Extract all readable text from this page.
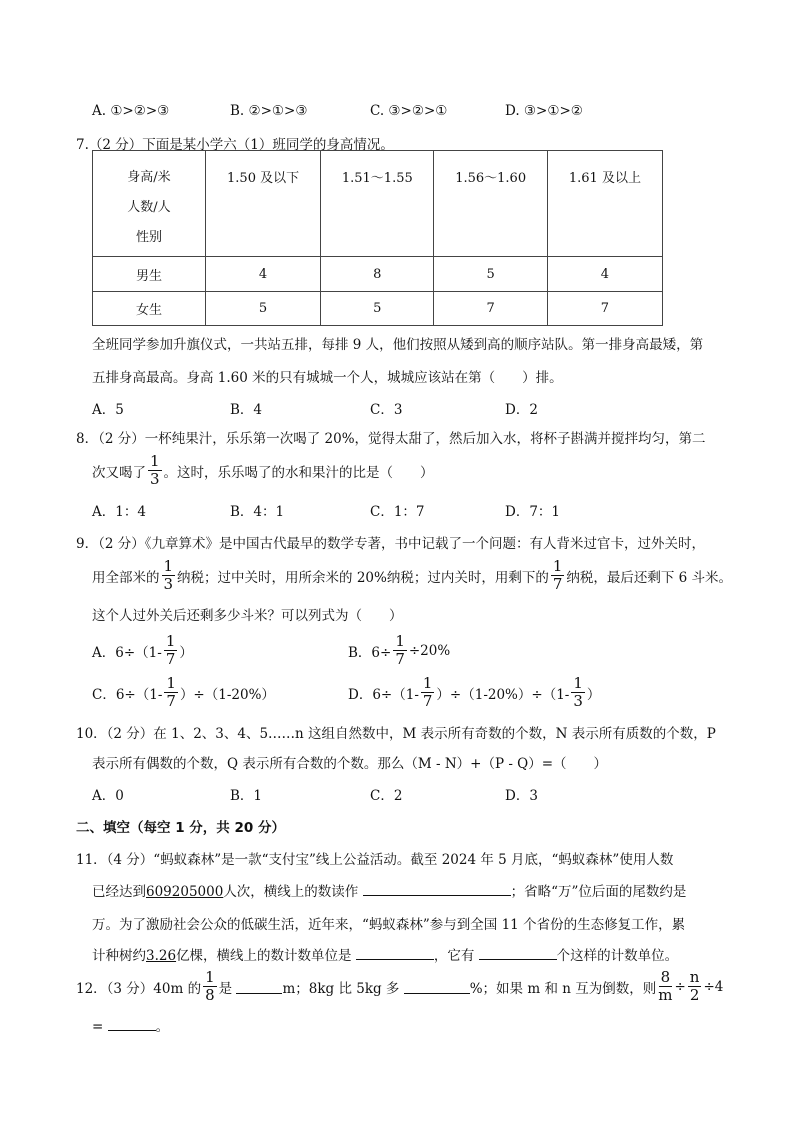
A. ①>②>③	B. ②>①>③	C. ③>②>①	D. ③>①>②
7.（2 分）下面是某小学六（1）班同学的身高情况。
身高/米
人数/人
性别	1.50 及以下	1.51～1.55	1.56～1.60	1.61 及以上
男生	4	8	5	4
女生	5	5	7	7
全班同学参加升旗仪式，一共站五排，每排 9 人，他们按照从矮到高的顺序站队。第一排身高最矮，第
五排身高最高。身高 1.60 米的只有城城一个人，城城应该站在第（　　）排。
A．5	B．4	C．3	D．2
8．（2 分）一杯纯果汁，乐乐第一次喝了 20%，觉得太甜了，然后加入水，将杯子斟满并搅拌均匀，第二
次又喝了 $\frac{1}{3}$ 。这时，乐乐喝了的水和果汁的比是（　　）
A．1：4	B．4：1	C．1：7	D．7：1
9．（2 分）《九章算术》是中国古代最早的数学专著，书中记载了一个问题：有人背米过官卡，过外关时，
用全部米的 $\frac{1}{3}$ 纳税；过中关时，用所余米的 20%纳税；过内关时，用剩下的 $\frac{1}{7}$ 纳税，最后还剩下 6 斗米。
这个人过外关后还剩多少斗米？可以列式为（　　）
A．$6\div(1- \frac{1}{7}$ ）	B．$6\div \frac{1}{7} \div 20\%$
C．$6\div(1- \frac{1}{7} )\div(1-20\%)$	D．$6\div(1- \frac{1}{7} )\div(1-20\%)\div(1- \frac{1}{3}$ ）
10．（2 分）在 1、2、3、4、5……n 这组自然数中，M 表示所有奇数的个数，N 表示所有质数的个数，P
表示所有偶数的个数，Q 表示所有合数的个数。那么（M - N）+（P - Q）=（　　）
A．0	B．1	C．2	D．3
二、填空（每空 1 分，共 20 分）
11．（4 分）“蚂蚁森林”是一款“支付宝”线上公益活动。截至 2024 年 5 月底，“蚂蚁森林”使用人数
已经达到609205000人次，横线上的数读作	；省略“万”位后面的尾数约是
万。为了激励社会公众的低碳生活，近年来，“蚂蚁森林”参与到全国 11 个省份的生态修复工作，累
计种树约3.26亿棵，横线上的数计数单位是	，它有	个这样的计数单位。
12．（3 分）40m 的 $\frac{1}{8}$ 是
	m；8kg 比 5kg 多
	%；如果 m 和 n 互为倒数，则 $\frac{8}{m} \div \frac{n}{2} \div 4$
=	。
